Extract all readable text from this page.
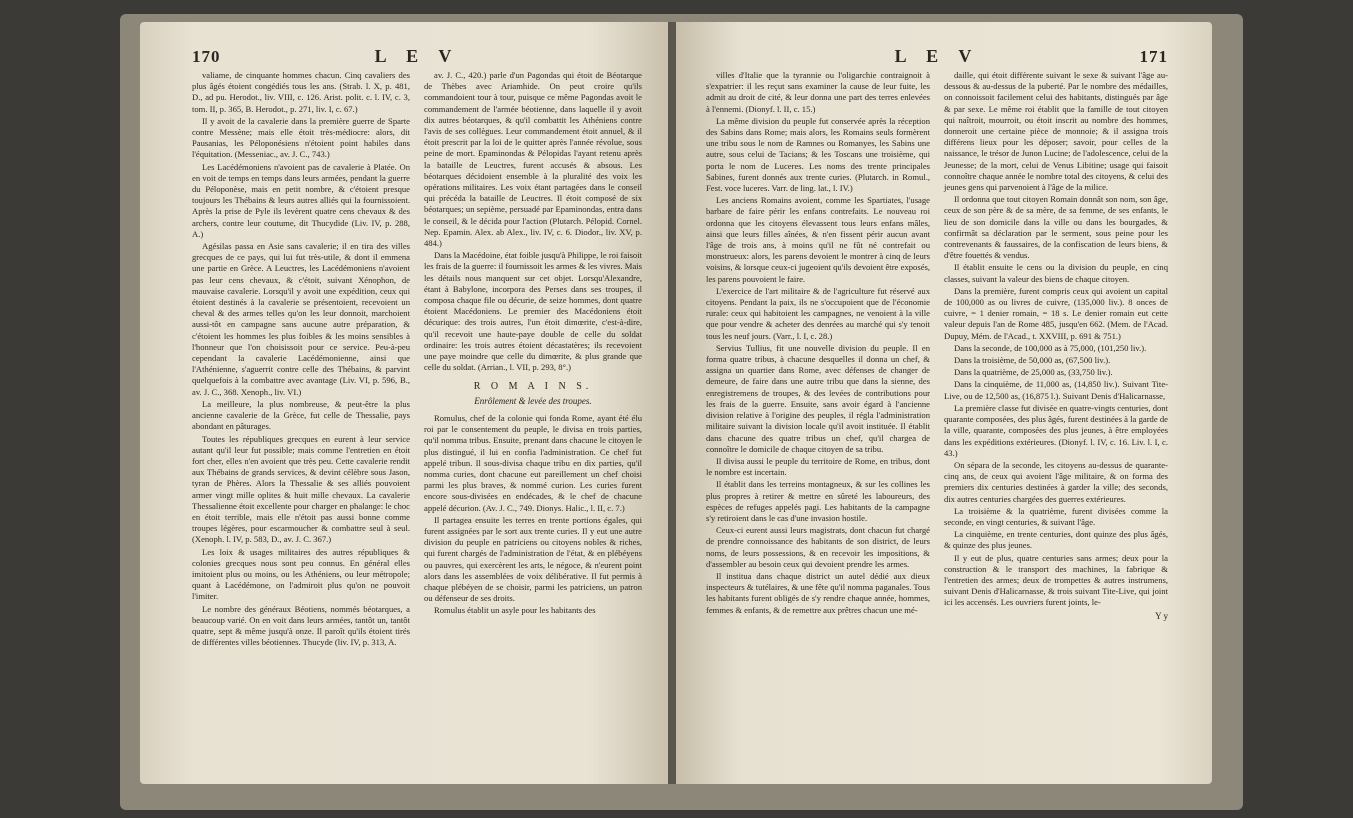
170	L E V

valiame, de cinquante hommes chacun. Cinq cavaliers des plus âgés étoient congédiés tous les ans. (Strab. l. X, p. 481, D., ad pu. Herodot., liv. VIII, c. 126. Arist. polit. c. l. IV, c. 3, tom. II, p. 365, B. Herodot., p. 271, liv. I, c. 67.)

Il y avoit de la cavalerie dans la première guerre de Sparte contre Messène; mais elle étoit très-médiocre: alors, dit Pausanias, les Péloponésiens n'étoient point habiles dans l'équitation. (Messeniac., av. J. C., 743.)

Les Lacédémoniens n'avoient pas de cavalerie à Platée. On en voit de temps en temps dans leurs armées, pendant la guerre du Péloponèse, mais en petit nombre, & c'étoient presque toujours les Thébains & leurs autres alliés qui la fournissoient. Après la prise de Pyle ils levèrent quatre cens chevaux & des archers, contre leur coutume, dit Thucydide (Liv. IV, p. 288, A.)

Agésilas passa en Asie sans cavalerie; il en tira des villes grecques de ce pays, qui lui fut très-utile, & dont il emmena une partie en Grèce. A Leuctres, les Lacédémoniens n'avoient pas leur cens chevaux, & c'étoit, suivant Xénophon, de mauvaise cavalerie. Lorsqu'il y avoit une expédition, ceux qui étoient destinés à la cavalerie se présentoient, recevoient un cheval & des armes telles qu'on les leur donnoit, marchoient aussi-tôt en campagne sans aucune autre préparation, & c'étoient les hommes les plus foibles & les moins sensibles à l'honneur que l'on choisissoit pour ce service. Peu-à-peu cependant la cavalerie Lacédémonienne, ainsi que l'Athénienne, s'aguerrit contre celle des Thébains, & parvint quelquefois à la combattre avec avantage (Liv. VI, p. 596, B., av. J. C., 368. Xenoph., liv. VI.)

La meilleure, la plus nombreuse, & peut-être la plus ancienne cavalerie de la Grèce, fut celle de Thessalie, pays abondant en pâturages.

Toutes les républiques grecques en eurent à leur service autant qu'il leur fut possible; mais comme l'entretien en étoit fort cher, elles n'en avoient que très peu. Cette cavalerie rendit aux Thébains de grands services, & devint célèbre sous Jason, tyran de Phères. Alors la Thessalie & ses alliés pouvoient armer vingt mille oplites & huit mille chevaux. La cavalerie Thessalienne étoit excellente pour charger en phalange: le choc en étoit terrible, mais elle n'étoit pas aussi bonne comme troupes légères, pour escarmoucher & combattre seul à seul. (Xenoph. l. IV, p. 583, D., av. J. C. 367.)

Les loix & usages militaires des autres républiques & colonies grecques nous sont peu connus. En général elles imitoient plus ou moins, ou les Athéniens, ou leur métropole; quant à Lacédémone, on l'admiroit plus qu'on ne pouvoit l'imiter.

Le nombre des généraux Béotiens, nommés béotarques, a beaucoup varié. On en voit dans leurs armées, tantôt un, tantôt quatre, sept & même jusqu'à onze. Il paroît qu'ils étoient tirés de différentes villes béotiennes. Thucyde (liv. IV, p. 313, A.

av. J. C., 420.) parle d'un Pagondas qui étoit de Béotarque de Thèbes avec Ariamhide. On peut croire qu'ils commandoient tour à tour, puisque ce même Pagondas avoit le commandement de l'armée béotienne, dans laquelle il y avoit dix autres béotarques, & qu'il combattit les Athéniens contre l'avis de ses collègues. Leur commandement étoit annuel, & il étoit prescrit par la loi de le quitter après l'année révolue, sous peine de mort. Epaminondas & Pélopidas l'ayant retenu après la bataille de Leuctres, furent accusés & absous. Les béotarques décidoient ensemble à la pluralité des voix les opérations militaires. Les voix étant partagées dans le conseil qui précéda la bataille de Leuctres. Il étoit composé de six béotarques; un sepième, persuadé par Epaminondas, entra dans le conseil, & le décida pour l'action (Plutarch. Pélopid. Cornel. Nep. Epamin. Alex. ab Alex., liv. IV, c. 6. Diodor., liv. XV, p. 484.)

Dans la Macédoine, état foible jusqu'à Philippe, le roi faisoit les frais de la guerre: il fournissoit les armes & les vivres. Mais les détails nous manquent sur cet objet. Lorsqu'Alexandre, étant à Babylone, incorpora des Perses dans ses troupes, il composa chaque file ou décurie, de seize hommes, dont quatre étoient Macédoniens. Le premier des Macédoniens étoit décurique: des trois autres, l'un étoit dimœrite, c'est-à-dire, qu'il recevoit une haute-paye double de celle du soldat ordinaire: les trois autres étoient décastatères; ils recevoient une paye moindre que celle du dimœrite, & plus grande que celle du soldat. (Arrian., l. VII, p. 293, 8°.)

R O M A I N S.
Enrôlement & levée des troupes.

Romulus, chef de la colonie qui fonda Rome, ayant été élu roi par le consentement du peuple, le divisa en trois parties, qu'il nomma tribus. Ensuite, prenant dans chacune le citoyen le plus distingué, il lui en confia l'administration. Ce chef fut appelé tribun. Il sous-divisa chaque tribu en dix parties, qu'il nomma curies, dont chacune eut pareillement un chef choisi parmi les plus braves, & nommé curion. Les curies furent encore sous-divisées en endécades, & le chef de chacune appelé décurion. (Av. J. C., 749. Dionys. Halic., l. II, c. 7.)

Il partagea ensuite les terres en trente portions égales, qui furent assignées par le sort aux trente curies. Il y eut une autre division du peuple en patriciens ou citoyens nobles & riches, qui furent chargés de l'administration de l'état, & en plébéyens ou pauvres, qui exercèrent les arts, le négoce, & n'eurent point alors dans les assemblées de voix délibérative. Il fut permis à chaque plébéyen de se choisir, parmi les patriciens, un patron ou défenseur de ses droits.

Romulus établit un asyle pour les habitants des

L E V	171

villes d'Italie que la tyrannie ou l'oligarchie contraignoit à s'expatrier: il les reçut sans examiner la cause de leur fuite, les admit au droit de cité, & leur donna une part des terres enlevées à l'ennemi. (Dionyf. l. II, c. 15.)

La même division du peuple fut conservée après la réception des Sabins dans Rome; mais alors, les Romains seuls formèrent une tribu sous le nom de Ramnes ou Romanyes, les Sabins une autre, sous celui de Tacians; & les Toscans une troisième, qui porta le nom de Luceres. Les noms des trente principales Sabines, furent donnés aux trente curies. (Plutarch. in Romul., Fest. voce luceres. Varr. de ling. lat., l. IV.)

Les anciens Romains avoient, comme les Spartiates, l'usage barbare de faire périr les enfans contrefaits. Le nouveau roi ordonna que les citoyens élevassent tous leurs enfans mâles, ainsi que leurs filles aînées, & n'en fissent périr aucun avant l'âge de trois ans, à moins qu'il ne fût né contrefait ou monstrueux: alors, les parens devoient le montrer à cinq de leurs voisins, & lorsque ceux-ci jugeoient qu'ils devoient être exposés, les parens pouvoient le faire.

L'exercice de l'art militaire & de l'agriculture fut réservé aux citoyens. Pendant la paix, ils ne s'occupoient que de l'économie rurale: ceux qui habitoient les campagnes, ne venoient à la ville que pour vendre & acheter des denrées au marché qui s'y tenoit tous les neuf jours. (Varr., l. I, c. 28.)

Servius Tullius, fit une nouvelle division du peuple. Il en forma quatre tribus, à chacune desquelles il donna un chef, & assigna un quartier dans Rome, avec défenses de changer de demeure, de faire dans une autre tribu que dans la sienne, des enregistremens de troupes, & des levées de contributions pour les frais de la guerre. Ensuite, sans avoir égard à l'ancienne division relative à l'origine des peuples, il régla l'administration militaire suivant la division locale qu'il avoit instituée. Il établit dans chacune des quatre tribus un chef, qu'il chargea de connoître le domicile de chaque citoyen de sa tribu.

Il divisa aussi le peuple du territoire de Rome, en tribus, dont le nombre est incertain.

Il établit dans les terreins montagneux, & sur les collines les plus propres à retirer & mettre en sûreté les laboureurs, des espèces de refuges appelés pagi. Les habitants de la campagne s'y retiroient dans le cas d'une invasion hostile.

Ceux-ci eurent aussi leurs magistrats, dont chacun fut chargé de prendre connoissance des habitants de son district, de leurs noms, de leurs possessions, & en recevoir les impositions, & d'assembler au besoin ceux qui devoient prendre les armes.

Il institua dans chaque district un autel dédié aux dieux inspecteurs & tutélaires, & une fête qu'il nomma paganales. Tous les habitants furent obligés de s'y rendre chaque année, hommes, femmes & enfants, & de remettre aux prêtres chacun une mé-

daille, qui étoit différente suivant le sexe & suivant l'âge au-dessous & au-dessus de la puberté. Par le nombre des médailles, on connoissoit facilement celui des habitants, distingués par âge & par sexe. Le même roi établit que la famille de tout citoyen qui naîtroit, mourroit, ou étoit inscrit au nombre des hommes, donneroit une certaine pièce de monnoie; & il assigna trois différens lieux pour les déposer; savoir, pour celles de la naissance, le trésor de Junon Lucine; de l'adolescence, celui de la Jeunesse; de la mort, celui de Venus Libitine; usage qui faisoit connoître chaque année le nombre total des citoyens, & celui des jeunes gens qui parvenoient à l'âge de la milice.

Il ordonna que tout citoyen Romain donnât son nom, son âge, ceux de son père & de sa mère, de sa femme, de ses enfants, le lieu de son domicile dans la ville ou dans les bourgades, & confirmât sa déclaration par le serment, sous peine pour les contrevenants & faussaires, de la confiscation de leurs biens, & d'être fouettés & vendus.

Il établit ensuite le cens ou la division du peuple, en cinq classes, suivant la valeur des biens de chaque citoyen.

Dans la première, furent compris ceux qui avoient un capital de 100,000 as ou livres de cuivre, (135,000 liv.). 8 onces de cuivre, = 1 denier romain, = 18 s. Le denier romain eut cette valeur depuis l'an de Rome 485, jusqu'en 662. (Mem. de l'Acad. Dupuy, Mém. de l'Acad., t. XXVIII, p. 691 & 751.)

Dans la seconde, de 100,000 as à 75,000, (101,250 liv.).

Dans la troisième, de 50,000 as, (67,500 liv.).

Dans la quatrième, de 25,000 as, (33,750 liv.).

Dans la cinquième, de 11,000 as, (14,850 liv.). Suivant Tite-Live, ou de 12,500 as, (16,875 l.). Suivant Denis d'Halicarnasse,

La première classe fut divisée en quatre-vingts centuries, dont quarante composées, des plus âgés, furent destinées à la garde de la ville, quarante, composées des plus jeunes, à être employées dans les expéditions extérieures. (Dionyf. l. IV, c. 16. Liv. l. I, c. 43.)

On sépara de la seconde, les citoyens au-dessus de quarante-cinq ans, de ceux qui avoient l'âge militaire, & on forma des premiers dix centuries destinées à garder la ville; des seconds, dix autres centuries chargées des guerres extérieures.

La troisième & la quatrième, furent divisées comme la seconde, en vingt centuries, & suivant l'âge.

La cinquième, en trente centuries, dont quinze des plus âgés, & quinze des plus jeunes.

Il y eut de plus, quatre centuries sans armes; deux pour la construction & le transport des machines, la fabrique & l'entretien des armes; deux de trompettes & autres instrumens, suivant Denis d'Halicarnasse, & trois suivant Tite-Live, qui joint ici les accensés. Les ouvriers furent joints, le-

Y y
